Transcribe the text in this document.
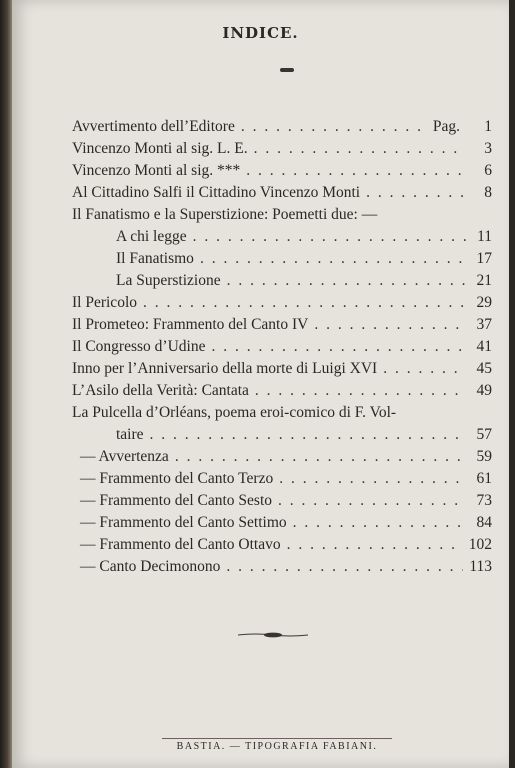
INDICE.
Avvertimento dell’Editore . . .	Pag.	1
Vincenzo Monti al sig. L. E. . . .	3
Vincenzo Monti al sig. *** . . .	6
Al Cittadino Salfi il Cittadino Vincenzo Monti . . .	8
Il Fanatismo e la Superstizione: Poemetti due: —
A chi legge . . .	11
Il Fanatismo . . .	17
La Superstizione . . .	21
Il Pericolo . . .	29
Il Prometeo: Frammento del Canto IV . . .	37
Il Congresso d’Udine . . .	41
Inno per l’Anniversario della morte di Luigi XVI . . .	45
L’Asilo della Verità: Cantata . . .	49
La Pulcella d’Orléans, poema eroi-comico di F. Vol-
taire . . .	57
— Avvertenza . . .	59
— Frammento del Canto Terzo . . .	61
— Frammento del Canto Sesto . . .	73
— Frammento del Canto Settimo . . .	84
— Frammento del Canto Ottavo . . .	102
— Canto Decimonono . . .	113
BASTIA. — TIPOGRAFIA FABIANI.
